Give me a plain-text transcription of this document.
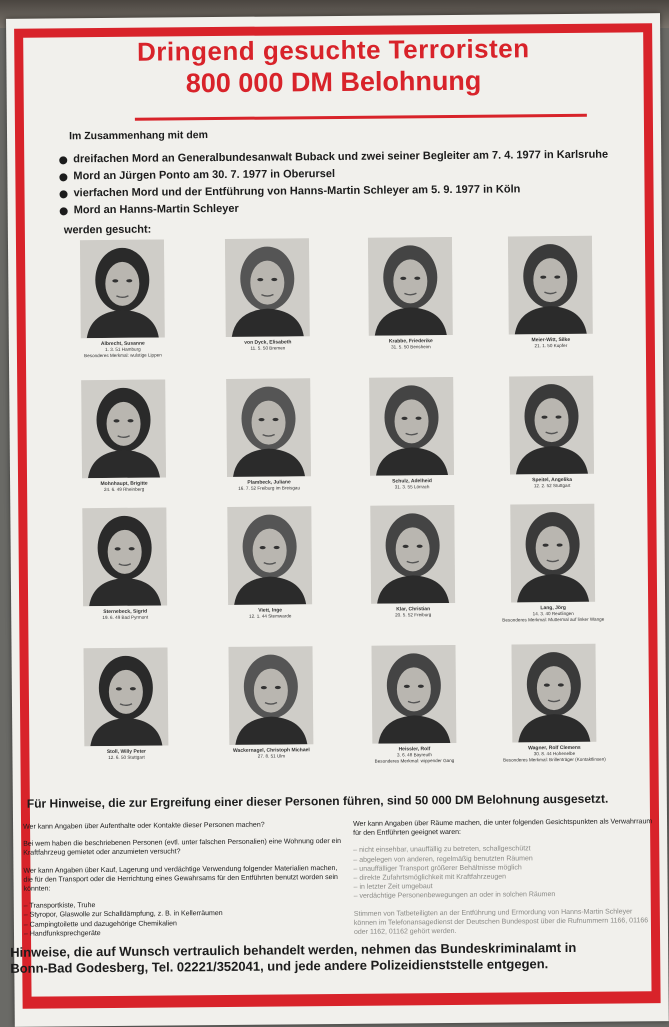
Dringend gesuchte Terroristen
800 000 DM Belohnung
Im Zusammenhang mit dem
dreifachen Mord an Generalbundesanwalt Buback und zwei seiner Begleiter am 7. 4. 1977 in Karlsruhe
Mord an Jürgen Ponto am 30. 7. 1977 in Oberursel
vierfachen Mord und der Entführung von Hanns-Martin Schleyer am 5. 9. 1977 in Köln
Mord an Hanns-Martin Schleyer
werden gesucht:
Albrecht, Susanne
1. 3. 51 Hamburg
Besonderes Merkmal: wulstige Lippen
von Dyck, Elisabeth
11. 5. 50 Bremen
Krabbe, Friederike
31. 5. 50 Bensheim
Meier-Witt, Silke
21. 1. 50 Kupfer
Mohnhaupt, Brigitte
24. 6. 49 Rheinberg
Plambeck, Juliane
16. 7. 52 Freiburg im Breisgau
Schulz, Adelheid
31. 3. 55 Lörrach
Speitel, Angelika
12. 2. 52 Stuttgart
Sternebeck, Sigrid
19. 6. 49 Bad Pyrmont
Viett, Inge
12. 1. 44 Stemwarde
Klar, Christian
20. 5. 52 Freiburg
Lang, Jörg
14. 3. 40 Reutlingen
Besonderes Merkmal: Muttermal auf linker Wange
Stoll, Willy Peter
12. 6. 50 Stuttgart
Wackernagel, Christoph Michael
27. 8. 51 Ulm
Heissler, Rolf
3. 6. 48 Bayreuth
Besonderes Merkmal: wippender Gang
Wagner, Rolf Clemens
30. 8. 44 Hohenelbe
Besonderes Merkmal: Brillenträger (Kontaktlinsen)
Für Hinweise, die zur Ergreifung einer dieser Personen führen, sind 50 000 DM Belohnung ausgesetzt.

Wer kann Angaben über Aufenthalte oder Kontakte dieser Personen machen?

Bei wem haben die beschriebenen Personen (evtl. unter falschen Personalien) eine Wohnung oder ein Kraftfahrzeug gemietet oder anzumieten versucht?

Wer kann Angaben über Kauf, Lagerung und verdächtige Verwendung folgender Materialien machen, die für den Transport oder die Herrichtung eines Gewahrsams für den Entführten benutzt worden sein könnten:

– Transportkiste, Truhe
– Styropor, Glaswolle zur Schalldämpfung, z. B. in Kellerräumen
– Campingtoilette und dazugehörige Chemikalien
– Handfunksprechgeräte

Wer kann Angaben über Räume machen, die unter folgenden Gesichtspunkten als Verwahrraum für den Entführten geeignet waren:

– nicht einsehbar, unauffällig zu betreten, schallgeschützt
– abgelegen von anderen, regelmäßig benutzten Räumen
– unauffälliger Transport größerer Behältnisse möglich
– direkte Zufahrtsmöglichkeit mit Kraftfahrzeugen
– in letzter Zeit umgebaut
– verdächtige Personenbewegungen an oder in solchen Räumen

Stimmen von Tatbeteiligten an der Entführung und Ermordung von Hanns-Martin Schleyer können im Telefonansagedienst der Deutschen Bundespost über die Rufnummern 1166, 01166 oder 1162, 01162 gehört werden.

Hinweise, die auf Wunsch vertraulich behandelt werden, nehmen das Bundeskriminalamt in
Bonn-Bad Godesberg, Tel. 02221/352041, und jede andere Polizeidienststelle entgegen.
